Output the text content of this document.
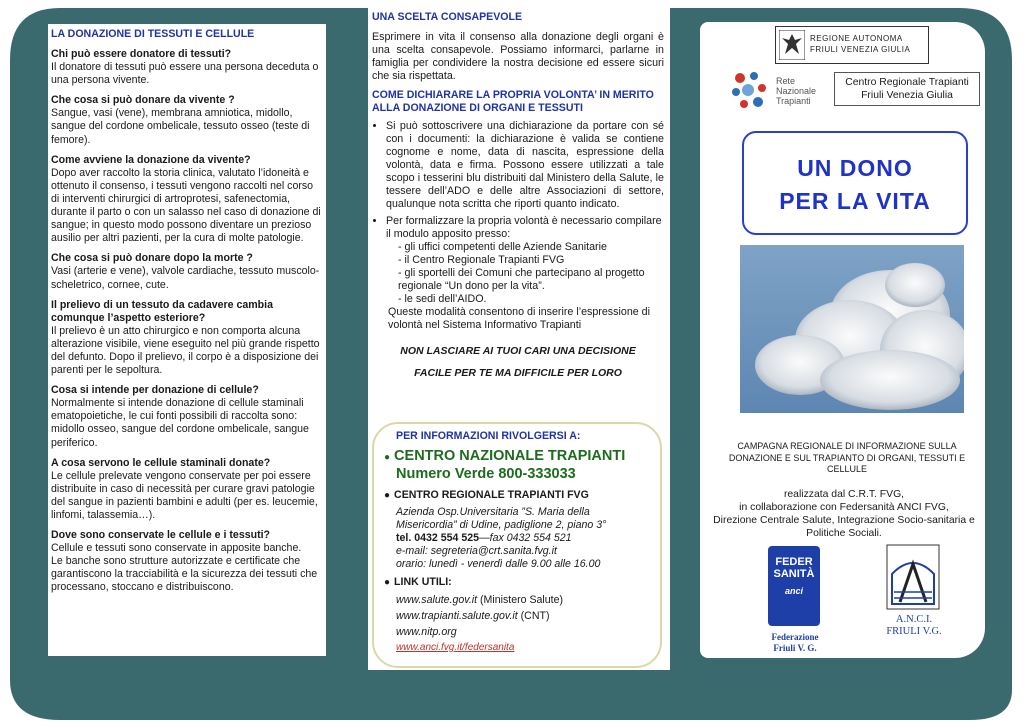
LA DONAZIONE DI TESSUTI E CELLULE

Chi può essere donatore di tessuti?

Il donatore di tessuti può essere una persona deceduta o una persona vivente.

Che cosa si può donare da vivente ?

Sangue, vasi (vene), membrana amniotica, midollo, sangue del cordone ombelicale, tessuto osseo (teste di femore).

Come avviene la donazione da vivente?

Dopo aver raccolto la storia clinica, valutato l’idoneità e ottenuto il consenso, i tessuti vengono raccolti nel corso di interventi chirurgici di artroprotesi, safenectomia, durante il parto o con un salasso nel caso di donazione di sangue; in questo modo possono diventare un prezioso ausilio per altri pazienti, per la cura di molte patologie.

Che cosa si può donare dopo la morte ?

Vasi (arterie e vene), valvole cardiache, tessuto muscolo-scheletrico, cornee, cute.

Il prelievo di un tessuto da cadavere cambia comunque l’aspetto esteriore?

Il prelievo è un atto chirurgico e non comporta alcuna alterazione visibile, viene eseguito nel più grande rispetto del defunto. Dopo il prelievo, il corpo è a disposizione dei parenti per le sepoltura.

Cosa si intende per donazione di cellule?

Normalmente si intende donazione di cellule staminali ematopoietiche, le cui fonti possibili di raccolta sono: midollo osseo, sangue del cordone ombelicale, sangue periferico.

A cosa servono le cellule staminali donate?

Le cellule prelevate vengono conservate per poi essere distribuite in caso di necessità per curare gravi patologie del sangue in pazienti bambini e adulti (per es. leucemie, linfomi, talassemia…).

Dove sono conservate le cellule e i tessuti?

Cellule e tessuti sono conservate in apposite banche.

Le banche sono strutture autorizzate e certificate che garantiscono la tracciabilità e la sicurezza dei tessuti che processano, stoccano e distribuiscono.

UNA SCELTA CONSAPEVOLE

Esprimere in vita il consenso alla donazione degli organi è una scelta consapevole. Possiamo informarci, parlarne in famiglia per condividere la nostra decisione ed essere sicuri che sia rispettata.

COME DICHIARARE LA PROPRIA VOLONTA’ IN MERITO ALLA DONAZIONE DI ORGANI E TESSUTI
• Si può sottoscrivere una dichiarazione da portare con sé con i documenti: la dichiarazione è valida se contiene cognome e nome, data di nascita, espressione della volontà, data e firma. Possono essere utilizzati a tale scopo i tesserini blu distribuiti dal Ministero della Salute, le tessere dell’ADO e delle altre Associazioni di settore, qualunque nota scritta che riporti quanto indicato.
• Per formalizzare la propria volontà è necessario compilare il modulo apposito presso:
- gli uffici competenti delle Aziende Sanitarie
- il Centro Regionale Trapianti FVG
- gli sportelli dei Comuni che partecipano al progetto regionale “Un dono per la vita”.
- le sedi dell’AIDO.
Queste modalità consentono di inserire l’espressione di volontà nel Sistema Informativo Trapianti
NON LASCIARE AI TUOI CARI UNA DECISIONE
FACILE PER TE MA DIFFICILE PER LORO
PER INFORMAZIONI RIVOLGERSI A:
● CENTRO NAZIONALE TRAPIANTI
Numero Verde 800-333033
● CENTRO REGIONALE TRAPIANTI FVG
Azienda Osp.Universitaria ”S. Maria della Misericordia” di Udine, padiglione 2, piano 3°
tel. 0432 554 525—fax 0432 554 521
e-mail: segreteria@crt.sanita.fvg.it
orario: lunedì - venerdì dalle 9.00 alle 16.00
● LINK UTILI:
www.salute.gov.it (Ministero Salute)
www.trapianti.salute.gov.it (CNT)
www.nitp.org
www.anci.fvg.it/federsanita
REGIONE AUTONOMA
FRIULI VENEZIA GIULIA
Rete
Nazionale
Trapianti
Centro Regionale Trapianti
Friuli Venezia Giulia
UN DONO
PER LA VITA
CAMPAGNA REGIONALE DI INFORMAZIONE SULLA DONAZIONE E SUL TRAPIANTO DI ORGANI, TESSUTI E CELLULE
realizzata dal C.R.T. FVG,
in collaborazione con Federsanità ANCI FVG,
Direzione Centrale Salute, Integrazione Socio-sanitaria e Politiche Sociali.
FEDER SANITÀ
anci
Federazione
Friuli V. G.
A.N.C.I.
FRIULI V.G.
